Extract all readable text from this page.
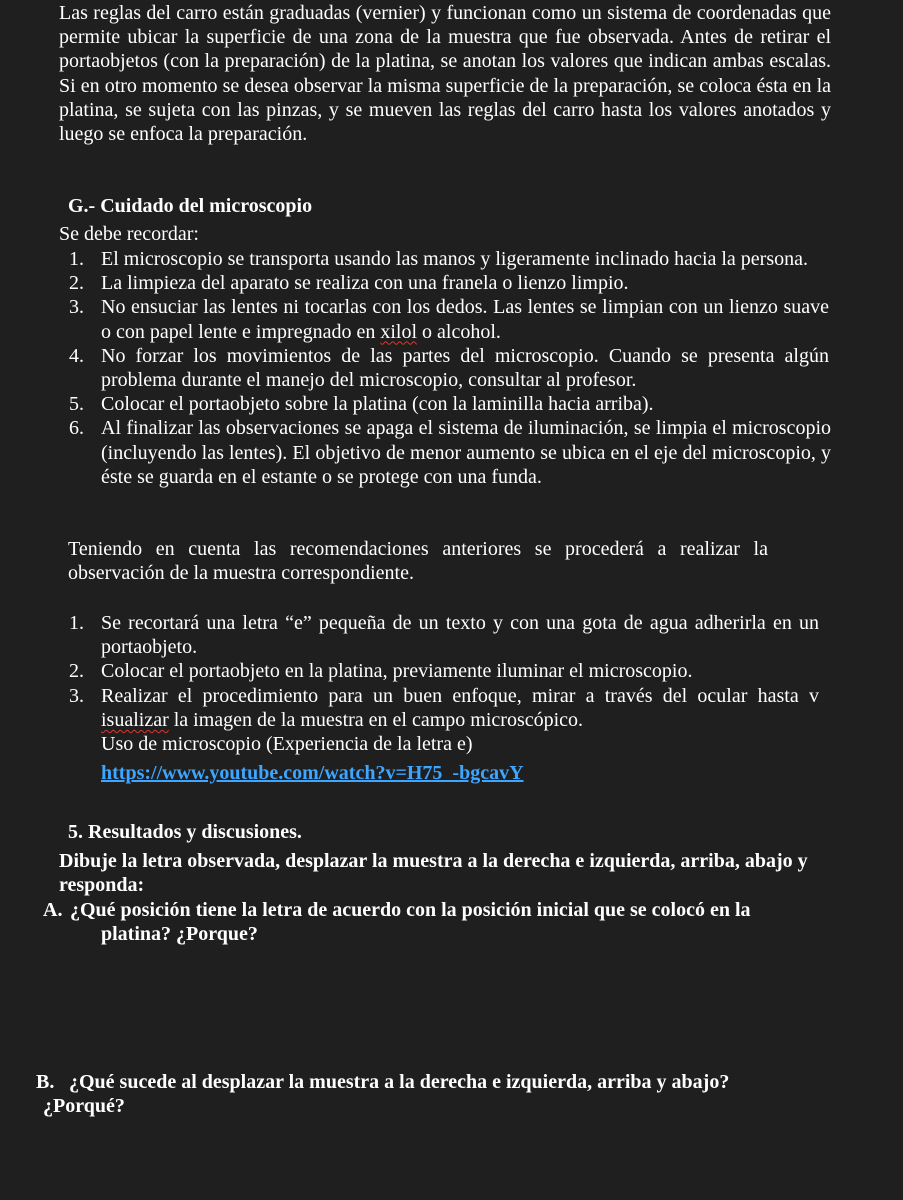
Las reglas del carro están graduadas (vernier) y funcionan como un sistema de coordenadas que permite ubicar la superficie de una zona de la muestra que fue observada. Antes de retirar el portaobjetos (con la preparación) de la platina, se anotan los valores que indican ambas escalas. Si en otro momento se desea observar la misma superficie de la preparación, se coloca ésta en la platina, se sujeta con las pinzas, y se mueven las reglas del carro hasta los valores anotados y luego se enfoca la preparación.

G.- Cuidado del microscopio

Se debe recordar:

1. El microscopio se transporta usando las manos y ligeramente inclinado hacia la persona.
2. La limpieza del aparato se realiza con una franela o lienzo limpio.
3. No ensuciar las lentes ni tocarlas con los dedos. Las lentes se limpian con un lienzo suave o con papel lente e impregnado en xilol o alcohol.
4. No forzar los movimientos de las partes del microscopio. Cuando se presenta algún problema durante el manejo del microscopio, consultar al profesor.
5. Colocar el portaobjeto sobre la platina (con la laminilla hacia arriba).
6. Al finalizar las observaciones se apaga el sistema de iluminación, se limpia el microscopio (incluyendo las lentes). El objetivo de menor aumento se ubica en el eje del microscopio, y éste se guarda en el estante o se protege con una funda.

Teniendo en cuenta las recomendaciones anteriores se procederá a realizar la observación de la muestra correspondiente.

1. Se recortará una letra “e” pequeña de un texto y con una gota de agua adherirla en un portaobjeto.
2. Colocar el portaobjeto en la platina, previamente iluminar el microscopio.
3. Realizar el procedimiento para un buen enfoque, mirar a través del ocular hasta v isualizar la imagen de la muestra en el campo microscópico.

Uso de microscopio (Experiencia de la letra e)

https://www.youtube.com/watch?v=H75_-bgcavY

5. Resultados y discusiones.

Dibuje la letra observada, desplazar la muestra a la derecha e izquierda, arriba, abajo y responda:

A. ¿Qué posición tiene la letra de acuerdo con la posición inicial que se colocó en la
platina? ¿Porque?

B. ¿Qué sucede al desplazar la muestra a la derecha e izquierda, arriba y abajo?
¿Porqué?
